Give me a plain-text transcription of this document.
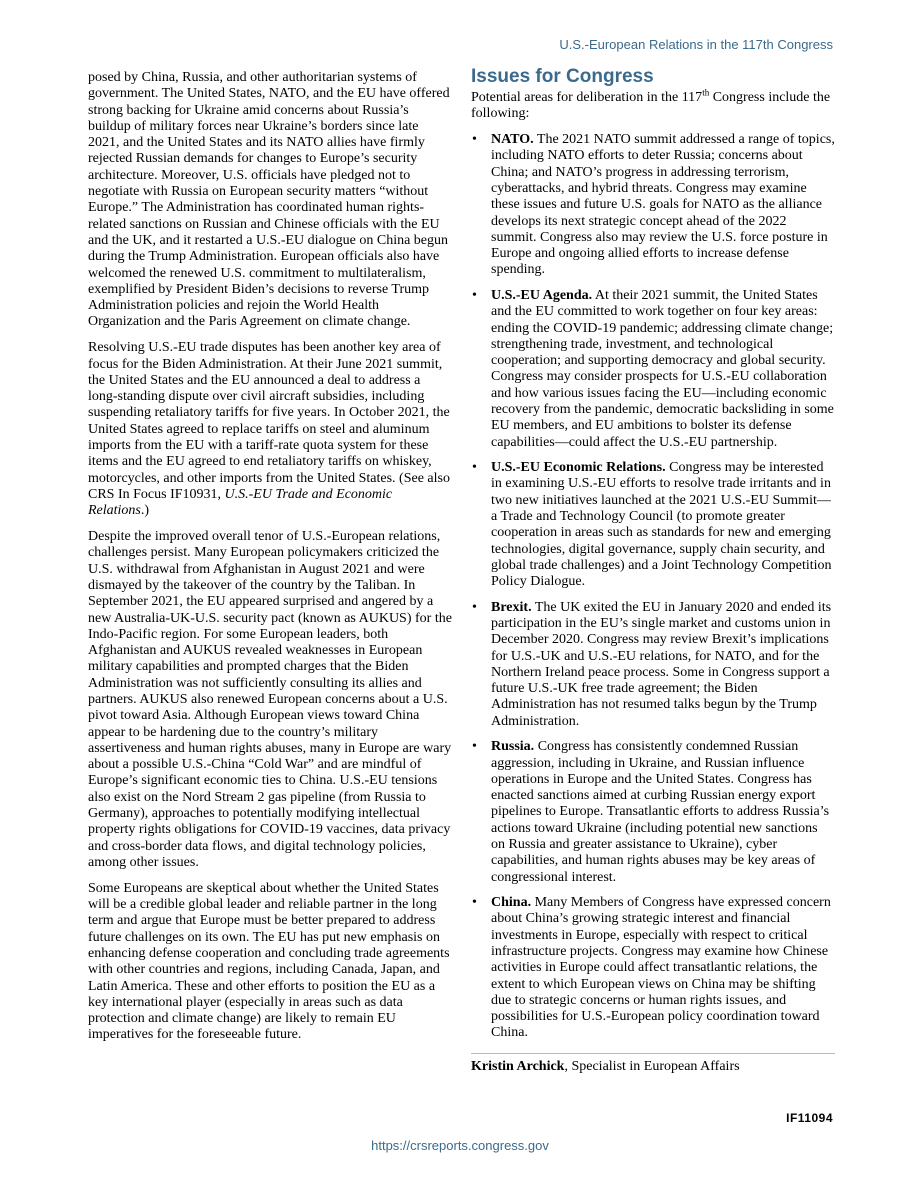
U.S.-European Relations in the 117th Congress

posed by China, Russia, and other authoritarian systems of government. The United States, NATO, and the EU have offered strong backing for Ukraine amid concerns about Russia’s buildup of military forces near Ukraine’s borders since late 2021, and the United States and its NATO allies have firmly rejected Russian demands for changes to Europe’s security architecture. Moreover, U.S. officials have pledged not to negotiate with Russia on European security matters “without Europe.” The Administration has coordinated human rights-related sanctions on Russian and Chinese officials with the EU and the UK, and it restarted a U.S.-EU dialogue on China begun during the Trump Administration. European officials also have welcomed the renewed U.S. commitment to multilateralism, exemplified by President Biden’s decisions to reverse Trump Administration policies and rejoin the World Health Organization and the Paris Agreement on climate change.

Resolving U.S.-EU trade disputes has been another key area of focus for the Biden Administration. At their June 2021 summit, the United States and the EU announced a deal to address a long-standing dispute over civil aircraft subsidies, including suspending retaliatory tariffs for five years. In October 2021, the United States agreed to replace tariffs on steel and aluminum imports from the EU with a tariff-rate quota system for these items and the EU agreed to end retaliatory tariffs on whiskey, motorcycles, and other imports from the United States. (See also CRS In Focus IF10931, U.S.-EU Trade and Economic Relations.)

Despite the improved overall tenor of U.S.-European relations, challenges persist. Many European policymakers criticized the U.S. withdrawal from Afghanistan in August 2021 and were dismayed by the takeover of the country by the Taliban. In September 2021, the EU appeared surprised and angered by a new Australia-UK-U.S. security pact (known as AUKUS) for the Indo-Pacific region. For some European leaders, both Afghanistan and AUKUS revealed weaknesses in European military capabilities and prompted charges that the Biden Administration was not sufficiently consulting its allies and partners. AUKUS also renewed European concerns about a U.S. pivot toward Asia. Although European views toward China appear to be hardening due to the country’s military assertiveness and human rights abuses, many in Europe are wary about a possible U.S.-China “Cold War” and are mindful of Europe’s significant economic ties to China. U.S.-EU tensions also exist on the Nord Stream 2 gas pipeline (from Russia to Germany), approaches to potentially modifying intellectual property rights obligations for COVID-19 vaccines, data privacy and cross-border data flows, and digital technology policies, among other issues.

Some Europeans are skeptical about whether the United States will be a credible global leader and reliable partner in the long term and argue that Europe must be better prepared to address future challenges on its own. The EU has put new emphasis on enhancing defense cooperation and concluding trade agreements with other countries and regions, including Canada, Japan, and Latin America. These and other efforts to position the EU as a key international player (especially in areas such as data protection and climate change) are likely to remain EU imperatives for the foreseeable future.

Issues for Congress

Potential areas for deliberation in the 117th Congress include the following:

• NATO. The 2021 NATO summit addressed a range of topics, including NATO efforts to deter Russia; concerns about China; and NATO’s progress in addressing terrorism, cyberattacks, and hybrid threats. Congress may examine these issues and future U.S. goals for NATO as the alliance develops its next strategic concept ahead of the 2022 summit. Congress also may review the U.S. force posture in Europe and ongoing allied efforts to increase defense spending.
• U.S.-EU Agenda. At their 2021 summit, the United States and the EU committed to work together on four key areas: ending the COVID-19 pandemic; addressing climate change; strengthening trade, investment, and technological cooperation; and supporting democracy and global security. Congress may consider prospects for U.S.-EU collaboration and how various issues facing the EU—including economic recovery from the pandemic, democratic backsliding in some EU members, and EU ambitions to bolster its defense capabilities—could affect the U.S.-EU partnership.
• U.S.-EU Economic Relations. Congress may be interested in examining U.S.-EU efforts to resolve trade irritants and in two new initiatives launched at the 2021 U.S.-EU Summit—a Trade and Technology Council (to promote greater cooperation in areas such as standards for new and emerging technologies, digital governance, supply chain security, and global trade challenges) and a Joint Technology Competition Policy Dialogue.
• Brexit. The UK exited the EU in January 2020 and ended its participation in the EU’s single market and customs union in December 2020. Congress may review Brexit’s implications for U.S.-UK and U.S.-EU relations, for NATO, and for the Northern Ireland peace process. Some in Congress support a future U.S.-UK free trade agreement; the Biden Administration has not resumed talks begun by the Trump Administration.
• Russia. Congress has consistently condemned Russian aggression, including in Ukraine, and Russian influence operations in Europe and the United States. Congress has enacted sanctions aimed at curbing Russian energy export pipelines to Europe. Transatlantic efforts to address Russia’s actions toward Ukraine (including potential new sanctions on Russia and greater assistance to Ukraine), cyber capabilities, and human rights abuses may be key areas of congressional interest.
• China. Many Members of Congress have expressed concern about China’s growing strategic interest and financial investments in Europe, especially with respect to critical infrastructure projects. Congress may examine how Chinese activities in Europe could affect transatlantic relations, the extent to which European views on China may be shifting due to strategic concerns or human rights issues, and possibilities for U.S.-European policy coordination toward China.

Kristin Archick, Specialist in European Affairs

IF11094
https://crsreports.congress.gov
